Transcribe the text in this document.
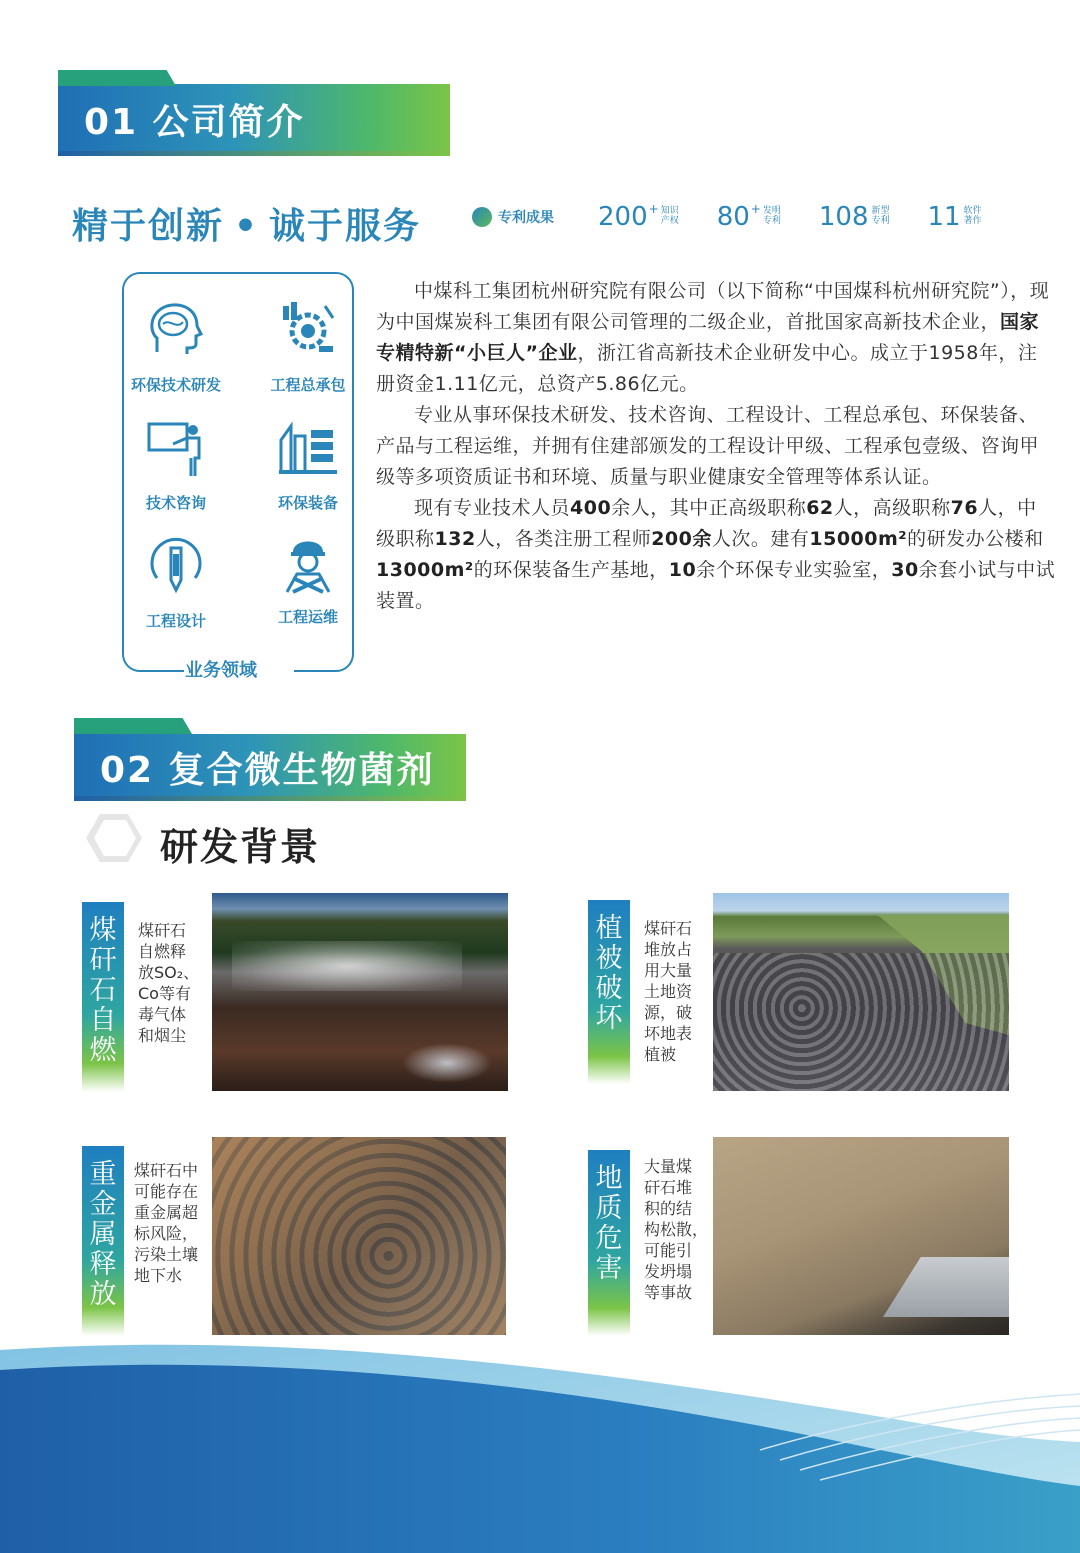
01 公司简介
精于创新 • 诚于服务	专利成果 200 + 知识产权 80 + 发明专利 108 新型专利 11 软件著作
业务领域
环保技术研发	工程总承包
技术咨询	环保装备
工程设计	工程运维

中煤科工集团杭州研究院有限公司（以下简称“中国煤科杭州研究院”），现为中国煤炭科工集团有限公司管理的二级企业，首批国家高新技术企业，国家专精特新“小巨人”企业，浙江省高新技术企业研发中心。成立于1958年，注册资金1.11亿元，总资产5.86亿元。

专业从事环保技术研发、技术咨询、工程设计、工程总承包、环保装备、产品与工程运维，并拥有住建部颁发的工程设计甲级、工程承包壹级、咨询甲级等多项资质证书和环境、质量与职业健康安全管理等体系认证。

现有专业技术人员400余人，其中正高级职称62人，高级职称76人，中级职称132人，各类注册工程师200余人次。建有15000m²的研发办公楼和13000m²的环保装备生产基地，10余个环保专业实验室，30余套小试与中试装置。

02 复合微生物菌剂
研发背景
煤
矸
石
自
燃
煤矸石
自燃释
放SO₂、
Co等有
毒气体
和烟尘
植
被
破
坏
煤矸石
堆放占
用大量
土地资
源，破
坏地表
植被
重
金
属
释
放
煤矸石中
可能存在
重金属超
标风险，
污染土壤
地下水
地
质
危
害
大量煤
矸石堆
积的结
构松散，
可能引
发坍塌
等事故
